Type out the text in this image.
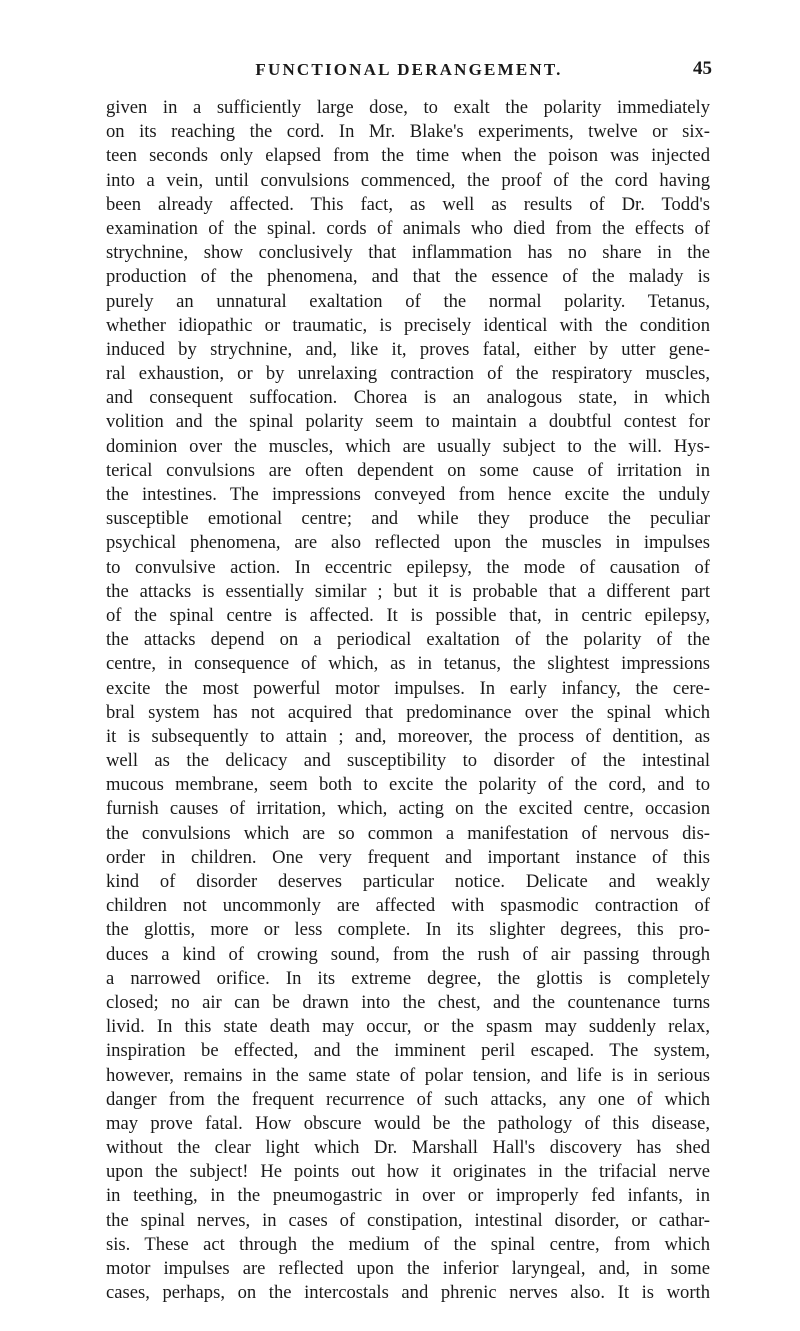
FUNCTIONAL DERANGEMENT.	45
given in a sufficiently large dose, to exalt the polarity immediately
on its reaching the cord. In Mr. Blake's experiments, twelve or six-
teen seconds only elapsed from the time when the poison was injected
into a vein, until convulsions commenced, the proof of the cord having
been already affected. This fact, as well as results of Dr. Todd's
examination of the spinal. cords of animals who died from the effects of
strychnine, show conclusively that inflammation has no share in the
production of the phenomena, and that the essence of the malady is
purely an unnatural exaltation of the normal polarity. Tetanus,
whether idiopathic or traumatic, is precisely identical with the condition
induced by strychnine, and, like it, proves fatal, either by utter gene-
ral exhaustion, or by unrelaxing contraction of the respiratory muscles,
and consequent suffocation. Chorea is an analogous state, in which
volition and the spinal polarity seem to maintain a doubtful contest for
dominion over the muscles, which are usually subject to the will. Hys-
terical convulsions are often dependent on some cause of irritation in
the intestines. The impressions conveyed from hence excite the unduly
susceptible emotional centre; and while they produce the peculiar
psychical phenomena, are also reflected upon the muscles in impulses
to convulsive action. In eccentric epilepsy, the mode of causation of
the attacks is essentially similar ; but it is probable that a different part
of the spinal centre is affected. It is possible that, in centric epilepsy,
the attacks depend on a periodical exaltation of the polarity of the
centre, in consequence of which, as in tetanus, the slightest impressions
excite the most powerful motor impulses. In early infancy, the cere-
bral system has not acquired that predominance over the spinal which
it is subsequently to attain ; and, moreover, the process of dentition, as
well as the delicacy and susceptibility to disorder of the intestinal
mucous membrane, seem both to excite the polarity of the cord, and to
furnish causes of irritation, which, acting on the excited centre, occasion
the convulsions which are so common a manifestation of nervous dis-
order in children. One very frequent and important instance of this
kind of disorder deserves particular notice. Delicate and weakly
children not uncommonly are affected with spasmodic contraction of
the glottis, more or less complete. In its slighter degrees, this pro-
duces a kind of crowing sound, from the rush of air passing through
a narrowed orifice. In its extreme degree, the glottis is completely
closed; no air can be drawn into the chest, and the countenance turns
livid. In this state death may occur, or the spasm may suddenly relax,
inspiration be effected, and the imminent peril escaped. The system,
however, remains in the same state of polar tension, and life is in serious
danger from the frequent recurrence of such attacks, any one of which
may prove fatal. How obscure would be the pathology of this disease,
without the clear light which Dr. Marshall Hall's discovery has shed
upon the subject! He points out how it originates in the trifacial nerve
in teething, in the pneumogastric in over or improperly fed infants, in
the spinal nerves, in cases of constipation, intestinal disorder, or cathar-
sis. These act through the medium of the spinal centre, from which
motor impulses are reflected upon the inferior laryngeal, and, in some
cases, perhaps, on the intercostals and phrenic nerves also. It is worth
